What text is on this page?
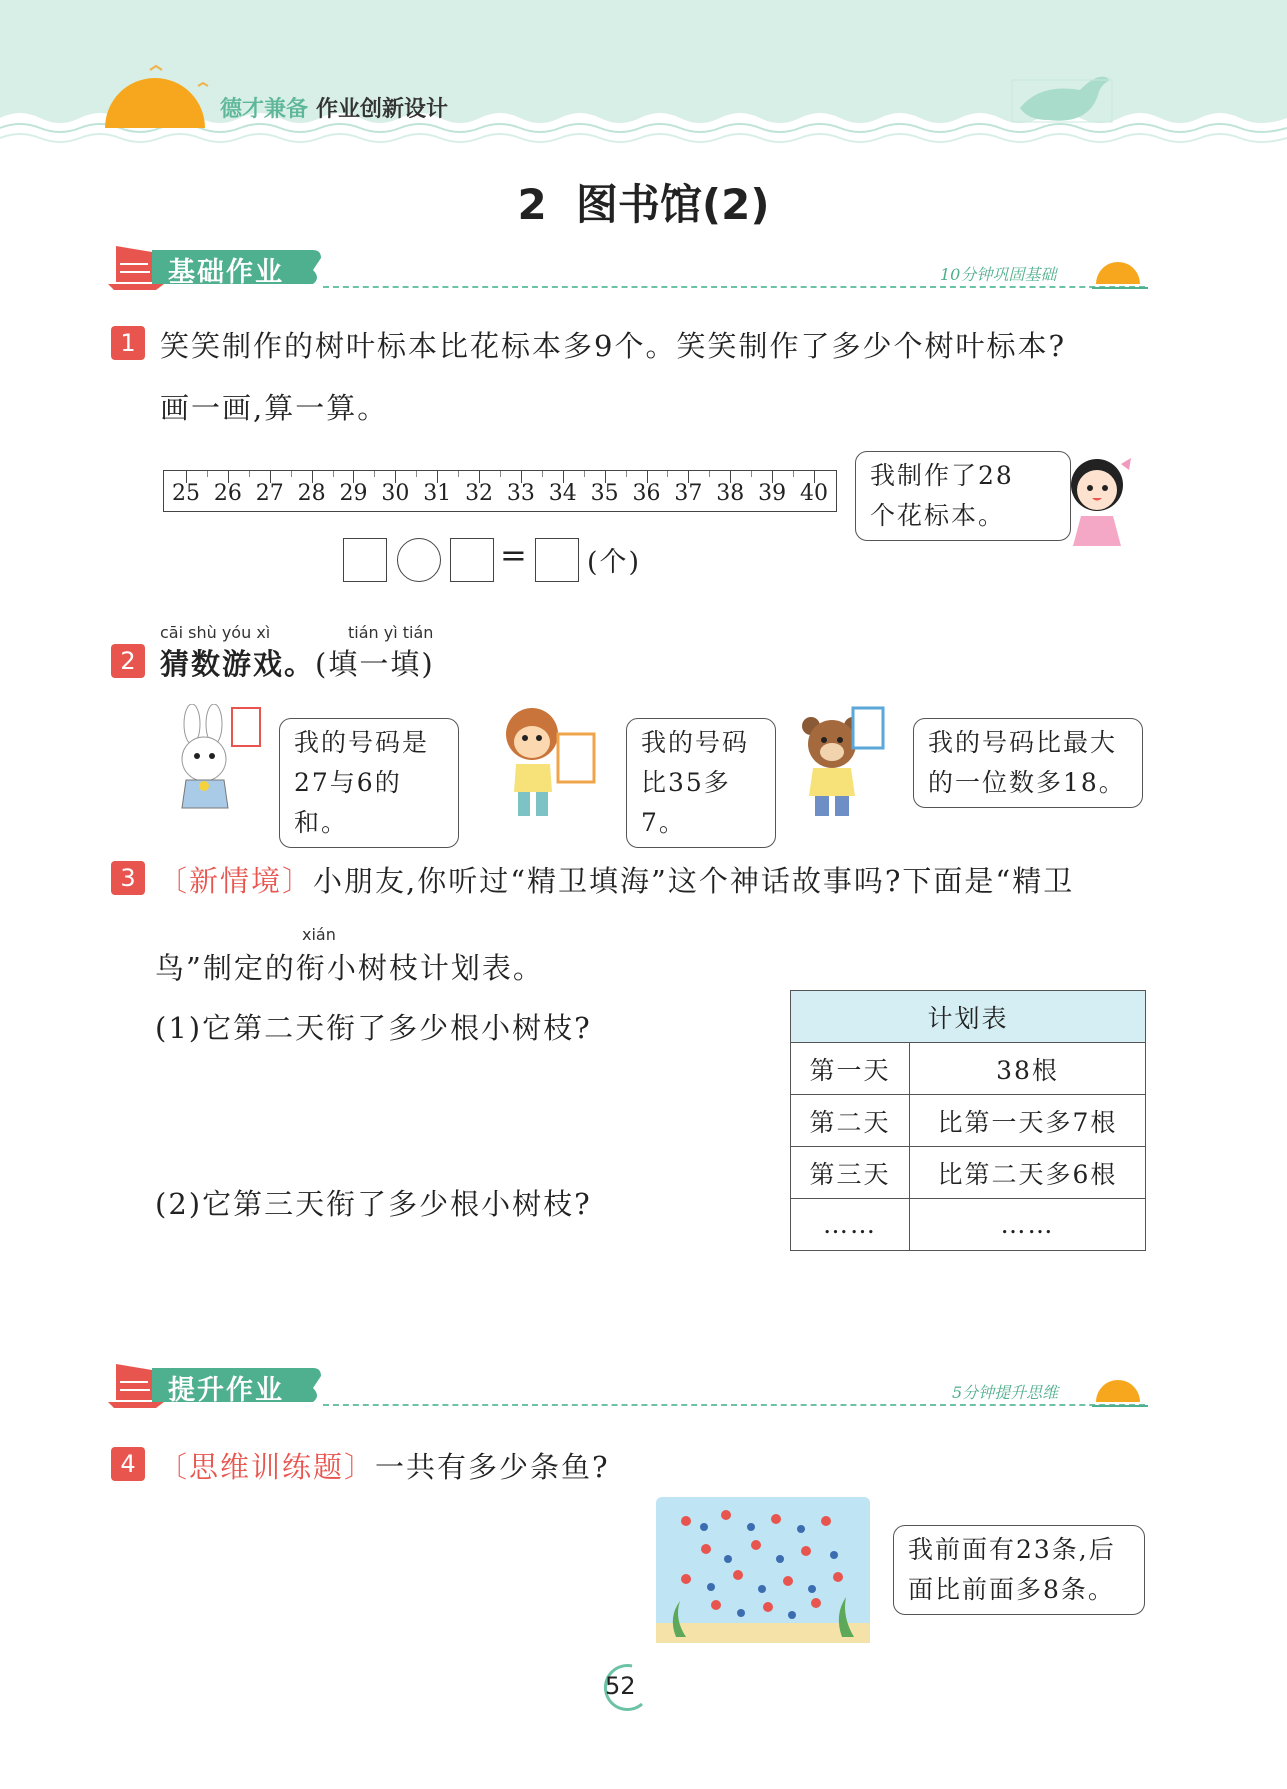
德才兼备 作业创新设计
2  图书馆(2)
基础作业	10分钟巩固基础
1 笑笑制作的树叶标本比花标本多9个。笑笑制作了多少个树叶标本?
画一画,算一算。
25 26 27 28 29 30 31 32 33 34 35 36 37 38 39 40
= (个)
我制作了28
个花标本。
cāi shù yóu xì	tián yì tián
2 猜数游戏。(填一填)
我的号码是
27与6的和。
我的号码
比35多7。
我的号码比最大
的一位数多18。
3 〔新情境〕小朋友,你听过“精卫填海”这个神话故事吗?下面是“精卫
xián
鸟”制定的衔小树枝计划表。
(1)它第二天衔了多少根小树枝?
(2)它第三天衔了多少根小树枝?
计划表	
第一天	38根
第二天	比第一天多7根
第三天	比第二天多6根
……	……
提升作业	5分钟提升思维
4 〔思维训练题〕一共有多少条鱼?
我前面有23条,后
面比前面多8条。
52
